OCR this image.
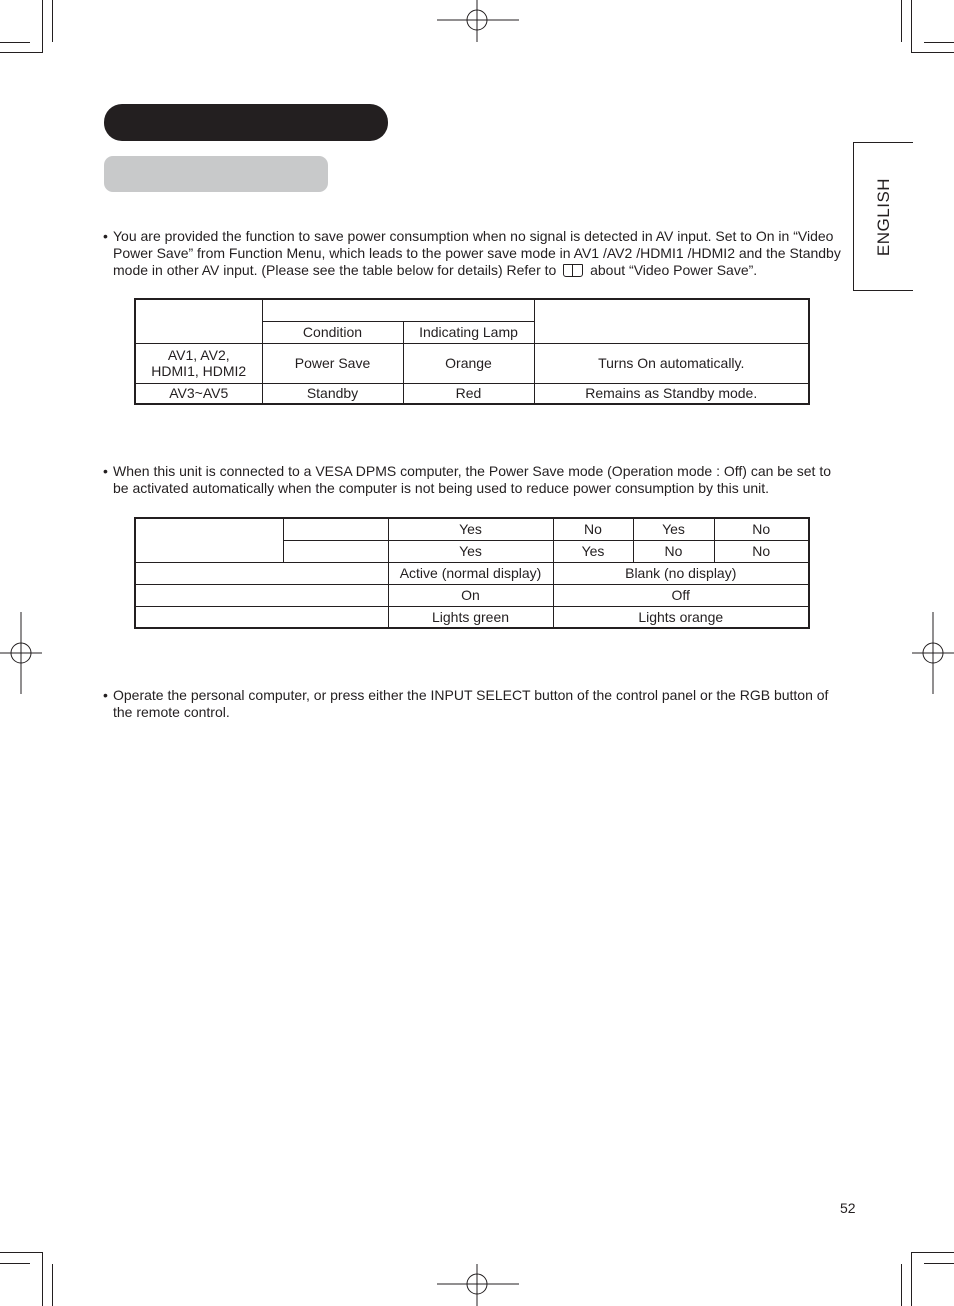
ENGLISH
• You are provided the function to save power consumption when no signal is detected in AV input. Set to On in “Video Power Save” from Function Menu, which leads to the power save mode in AV1 /AV2 /HDMI1 /HDMI2 and the Standby mode in other AV input. (Please see the table below for details) Refer to about “Video Power Save”.

	Condition	Indicating Lamp	
AV1, AV2, HDMI1, HDMI2	Power Save	Orange	Turns On automatically.
AV3~AV5	Standby	Red	Remains as Standby mode.
• When this unit is connected to a VESA DPMS computer, the Power Save mode (Operation mode : Off) can be set to be activated automatically when the computer is not being used to reduce power consumption by this unit.
		Yes	No	Yes	No
		Yes	Yes	No	No
		Active (normal display)	Blank (no display)		
		On	Off		
		Lights green	Lights orange		
• Operate the personal computer, or press either the INPUT SELECT button of the control panel or the RGB button of the remote control.
52
